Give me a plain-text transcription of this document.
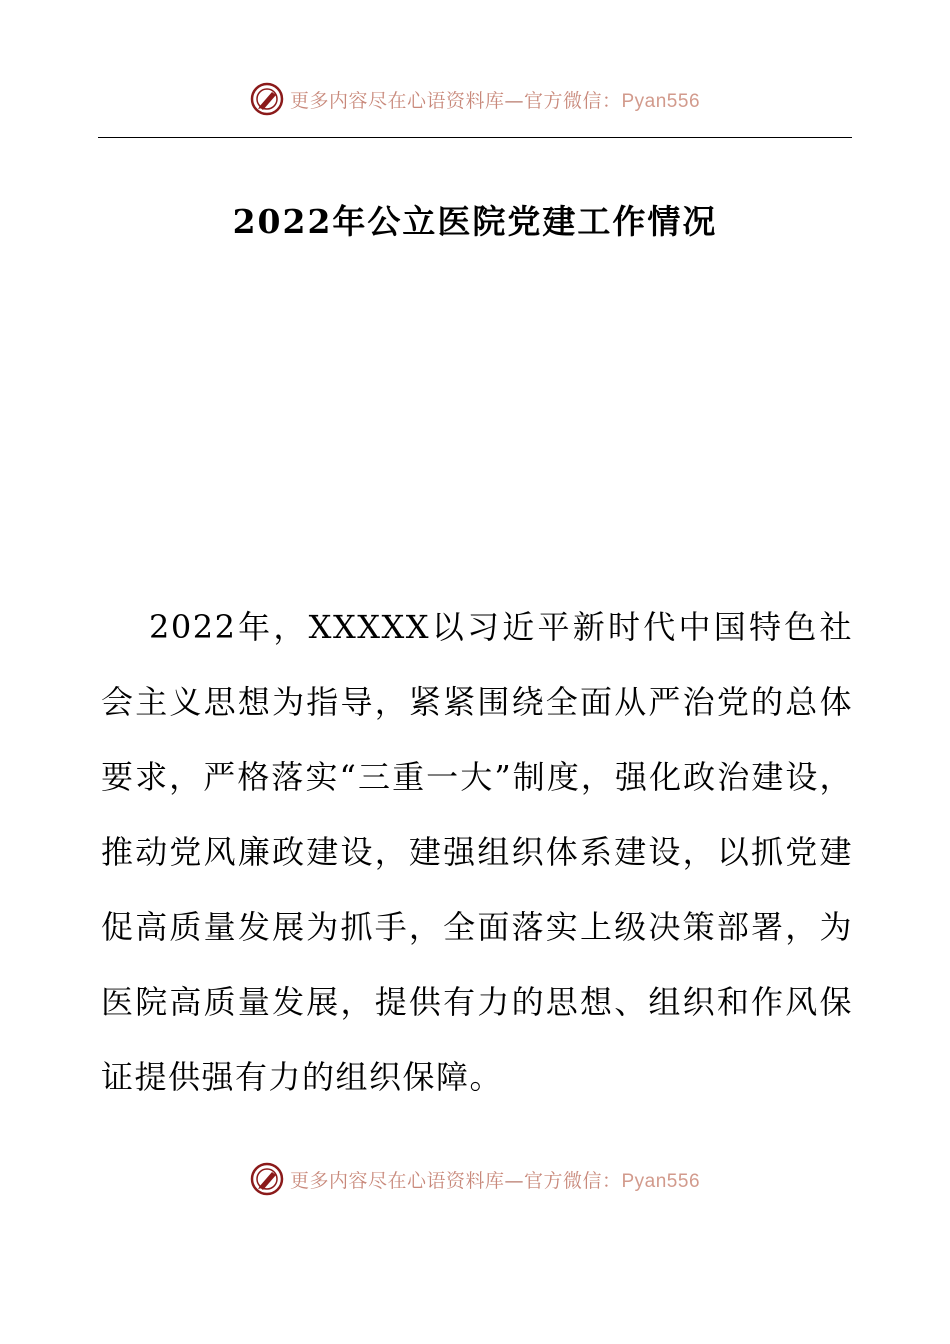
更多内容尽在心语资料库—官方微信：Pyan556
2022年公立医院党建工作情况
2022年，XXXXX以习近平新时代中国特色社会主义思想为指导，紧紧围绕全面从严治党的总体要求，严格落实“三重一大”制度，强化政治建设，推动党风廉政建设，建强组织体系建设，以抓党建促高质量发展为抓手，全面落实上级决策部署，为医院高质量发展，提供有力的思想、组织和作风保证提供强有力的组织保障。
更多内容尽在心语资料库—官方微信：Pyan556
